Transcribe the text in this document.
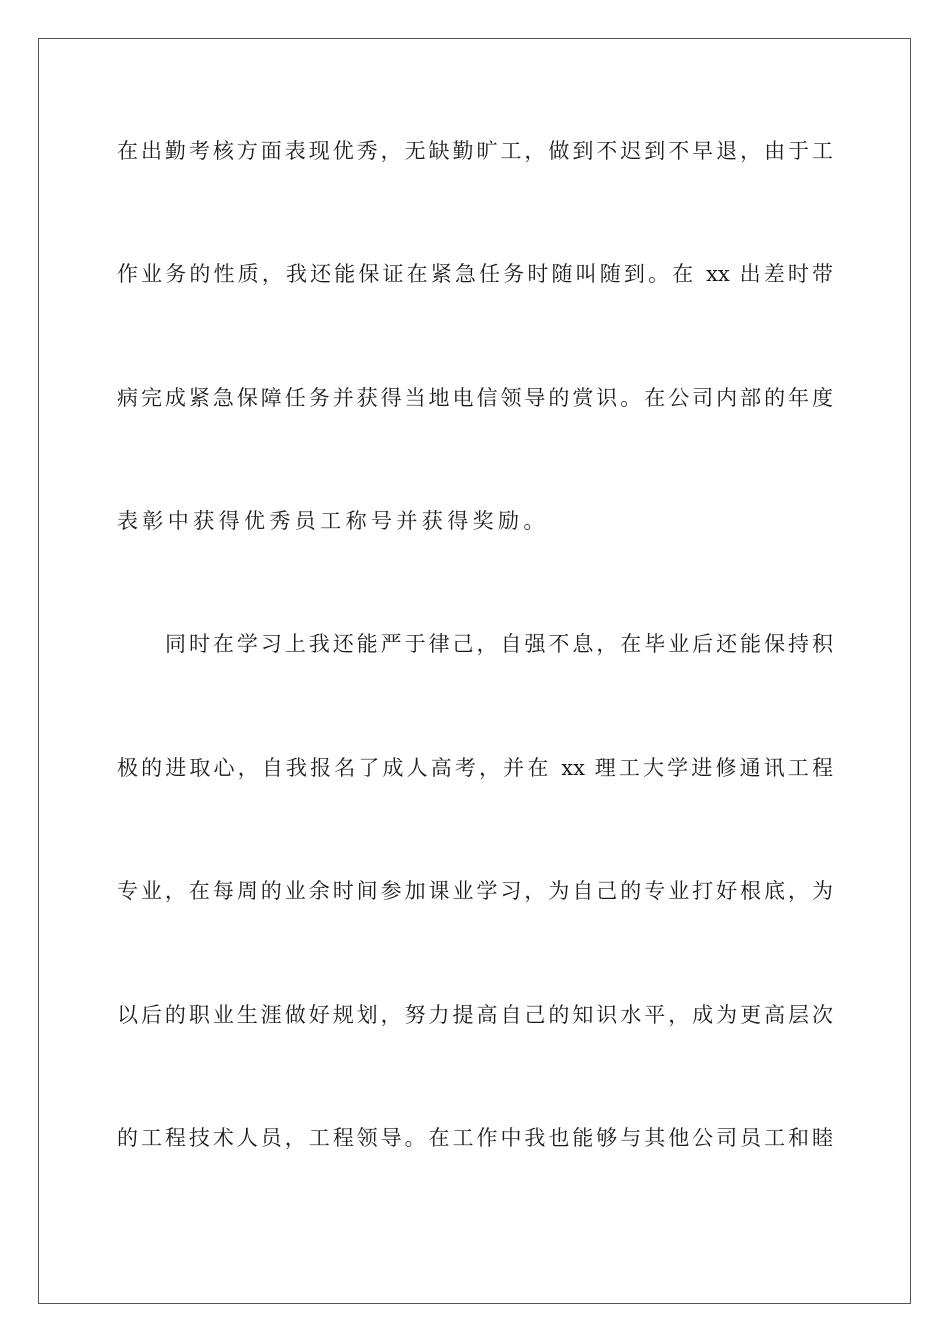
在出勤考核方面表现优秀，无缺勤旷工，做到不迟到不早退，由于工
作业务的性质，我还能保证在紧急任务时随叫随到。在 xx 出差时带
病完成紧急保障任务并获得当地电信领导的赏识。在公司内部的年度
表彰中获得优秀员工称号并获得奖励。
同时在学习上我还能严于律己，自强不息，在毕业后还能保持积
极的进取心，自我报名了成人高考，并在 xx 理工大学进修通讯工程
专业，在每周的业余时间参加课业学习，为自己的专业打好根底，为
以后的职业生涯做好规划，努力提高自己的知识水平，成为更高层次
的工程技术人员，工程领导。在工作中我也能够与其他公司员工和睦
